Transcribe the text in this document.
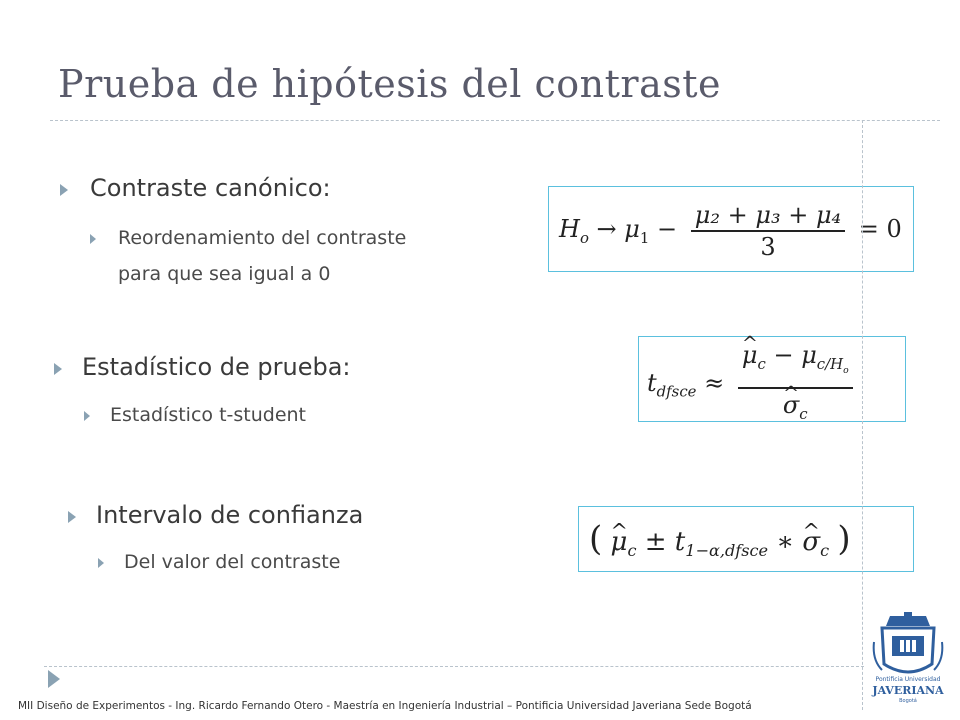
Prueba de hipótesis del contraste
Contraste canónico:
Reordenamiento del contraste
para que sea igual a 0
$H_o \to \mu_1 - \frac{\text{μ₂ + μ₃ + μ₄}}{3} = 0$
Estadístico de prueba:
Estadístico t-student
$t_{dfsce}$ ≈ ^ $\mu_c - \mu_{c/H_o}$
^ $\sigma_c$
Intervalo de confianza
Del valor del contraste
( ^ $\mu_c \pm t_{1-\alpha,dfsce}$ ∗ ^ $\sigma_c$ )
MII Diseño de Experimentos - Ing. Ricardo Fernando Otero - Maestría en Ingeniería Industrial – Pontificia Universidad Javeriana Sede Bogotá
Pontificia Universidad
JAVERIANA
Bogotá
